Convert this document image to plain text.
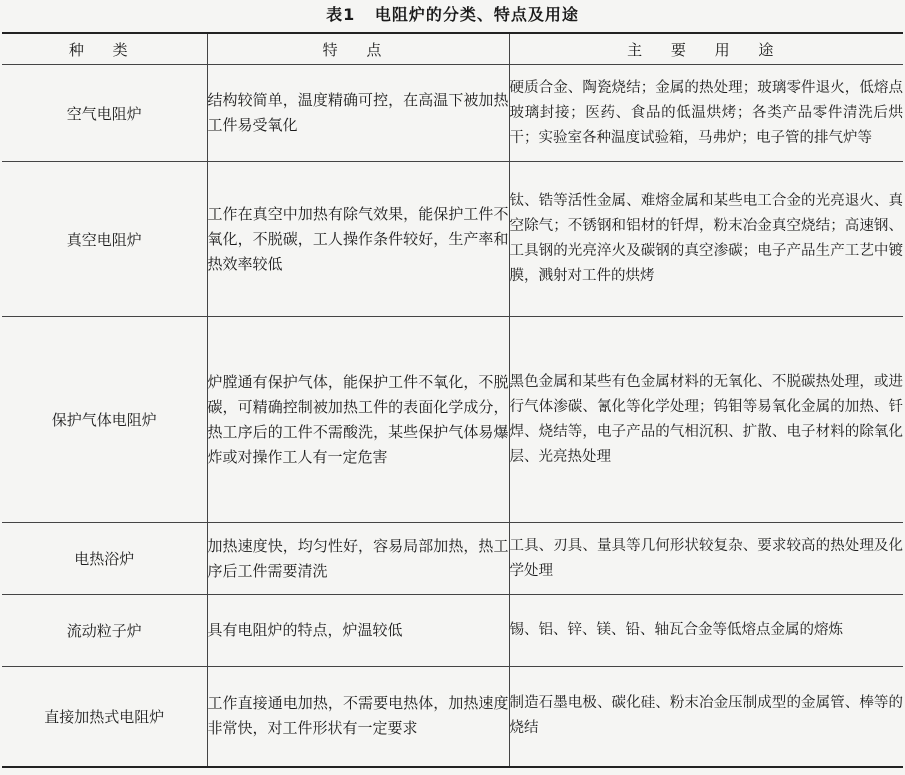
表1   电阻炉的分类、特点及用途
种 类	特 点	主 要 用 途
空气电阻炉	结构较简单，温度精确可控，在高温下被加热工件易受氧化	硬质合金、陶瓷烧结；金属的热处理；玻璃零件退火，低熔点玻璃封接；医药、食品的低温烘烤；各类产品零件清洗后烘干；实验室各种温度试验箱，马弗炉；电子管的排气炉等

真空电阻炉	工作在真空中加热有除气效果，能保护工件不氧化，不脱碳，工人操作条件较好，生产率和热效率较低	钛、锆等活性金属、难熔金属和某些电工合金的光亮退火、真空除气；不锈钢和铝材的钎焊，粉末冶金真空烧结；高速钢、工具钢的光亮淬火及碳钢的真空渗碳；电子产品生产工艺中镀膜，溅射对工件的烘烤

保护气体电阻炉	炉膛通有保护气体，能保护工件不氧化，不脱碳，可精确控制被加热工件的表面化学成分，热工序后的工件不需酸洗，某些保护气体易爆炸或对操作工人有一定危害	黑色金属和某些有色金属材料的无氧化、不脱碳热处理，或进行气体渗碳、氰化等化学处理；钨钼等易氧化金属的加热、钎焊、烧结等，电子产品的气相沉积、扩散、电子材料的除氧化层、光亮热处理

电热浴炉	加热速度快，均匀性好，容易局部加热，热工序后工件需要清洗	工具、刃具、量具等几何形状较复杂、要求较高的热处理及化学处理

流动粒子炉	具有电阻炉的特点，炉温较低	锡、铝、锌、镁、铅、轴瓦合金等低熔点金属的熔炼

直接加热式电阻炉	工作直接通电加热，不需要电热体，加热速度非常快，对工件形状有一定要求	制造石墨电极、碳化硅、粉末冶金压制成型的金属管、棒等的烧结
